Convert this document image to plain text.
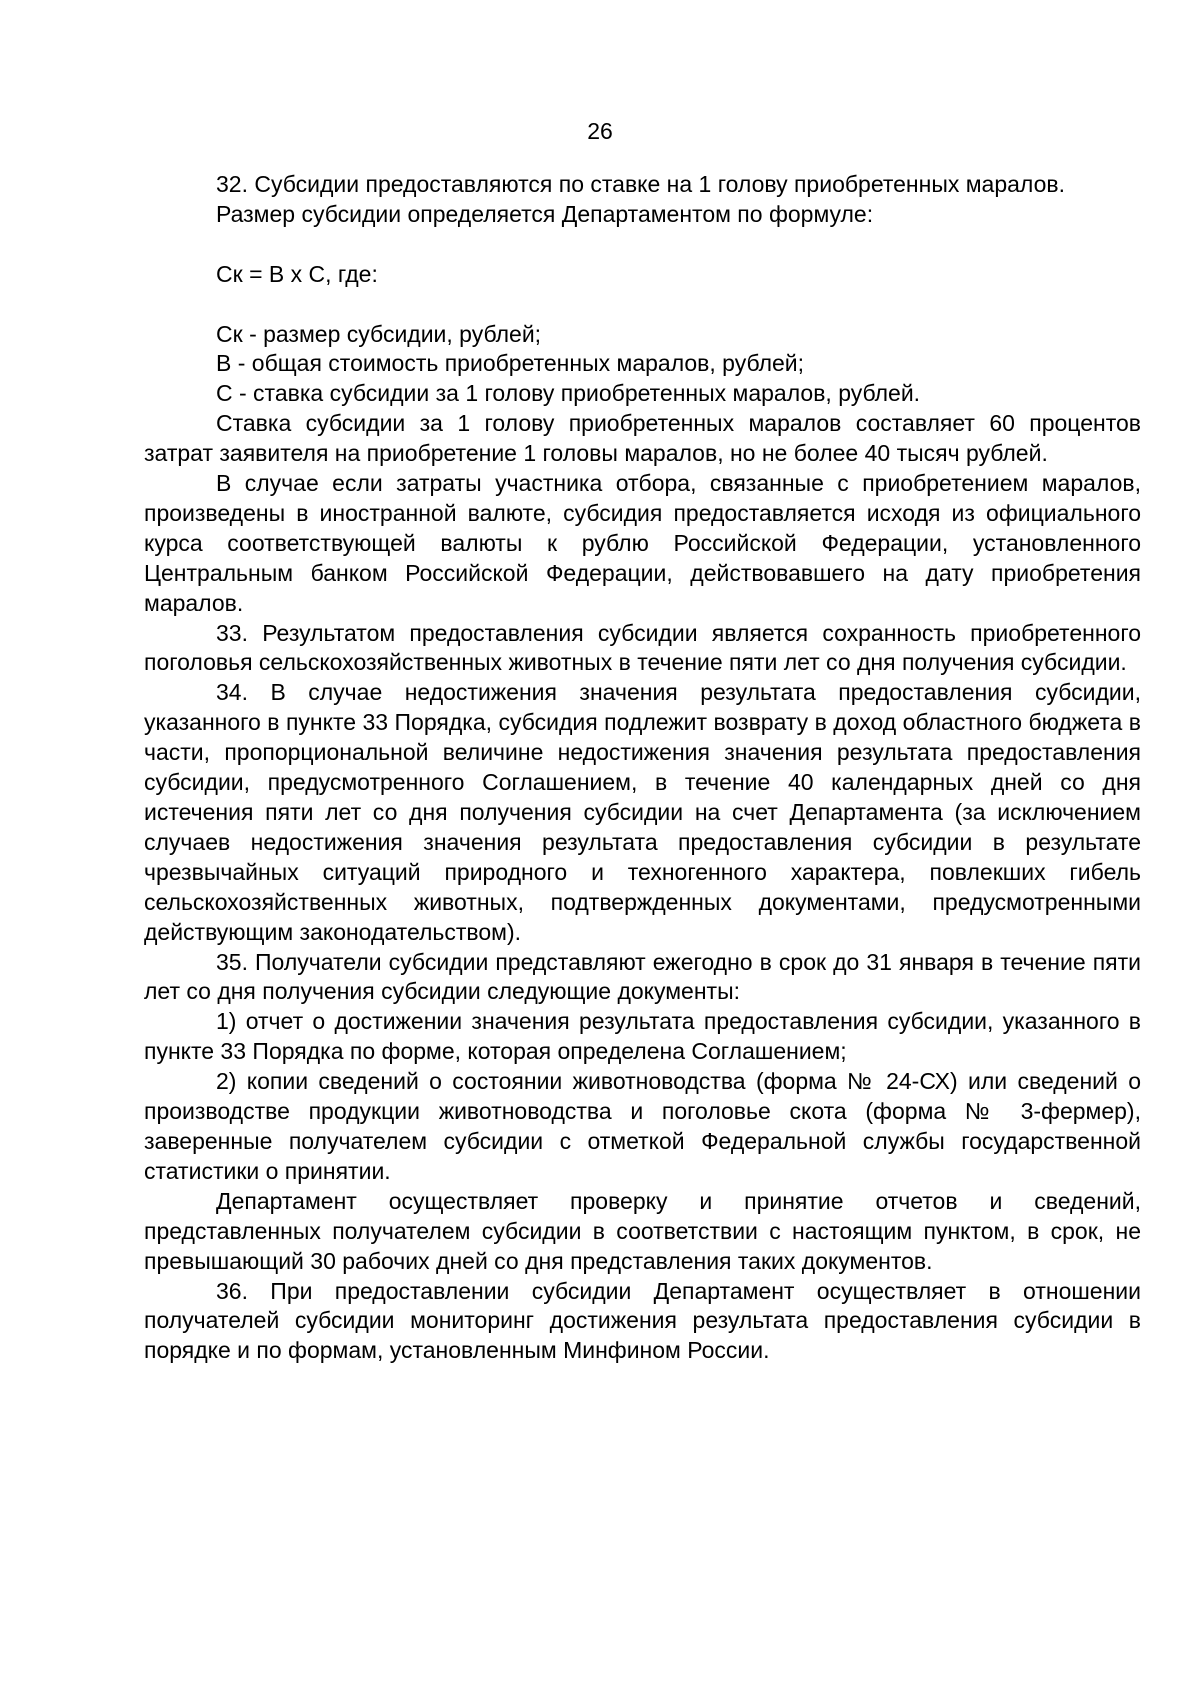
26

32. Субсидии предоставляются по ставке на 1 голову приобретенных маралов.

Размер субсидии определяется Департаментом по формуле:

Ск = В х С, где:

Ск - размер субсидии, рублей;

В - общая стоимость приобретенных маралов, рублей;

С - ставка субсидии за 1 голову приобретенных маралов, рублей.

Ставка субсидии за 1 голову приобретенных маралов составляет 60 процентов затрат заявителя на приобретение 1 головы маралов, но не более 40 тысяч рублей.

В случае если затраты участника отбора, связанные с приобретением маралов, произведены в иностранной валюте, субсидия предоставляется исходя из официального курса соответствующей валюты к рублю Российской Федерации, установленного Центральным банком Российской Федерации, действовавшего на дату приобретения маралов.

33. Результатом предоставления субсидии является сохранность приобретенного поголовья сельскохозяйственных животных в течение пяти лет со дня получения субсидии.

34. В случае недостижения значения результата предоставления субсидии, указанного в пункте 33 Порядка, субсидия подлежит возврату в доход областного бюджета в части, пропорциональной величине недостижения значения результата предоставления субсидии, предусмотренного Соглашением, в течение 40 календарных дней со дня истечения пяти лет со дня получения субсидии на счет Департамента (за исключением случаев недостижения значения результата предоставления субсидии в результате чрезвычайных ситуаций природного и техногенного характера, повлекших гибель сельскохозяйственных животных, подтвержденных документами, предусмотренными действующим законодательством).

35. Получатели субсидии представляют ежегодно в срок до 31 января в течение пяти лет со дня получения субсидии следующие документы:

1) отчет о достижении значения результата предоставления субсидии, указанного в пункте 33 Порядка по форме, которая определена Соглашением;

2) копии сведений о состоянии животноводства (форма № 24-СХ) или сведений о производстве продукции животноводства и поголовье скота (форма № 3-фермер), заверенные получателем субсидии с отметкой Федеральной службы государственной статистики о принятии.

Департамент осуществляет проверку и принятие отчетов и сведений, представленных получателем субсидии в соответствии с настоящим пунктом, в срок, не превышающий 30 рабочих дней со дня представления таких документов.

36. При предоставлении субсидии Департамент осуществляет в отношении получателей субсидии мониторинг достижения результата предоставления субсидии в порядке и по формам, установленным Минфином России.
